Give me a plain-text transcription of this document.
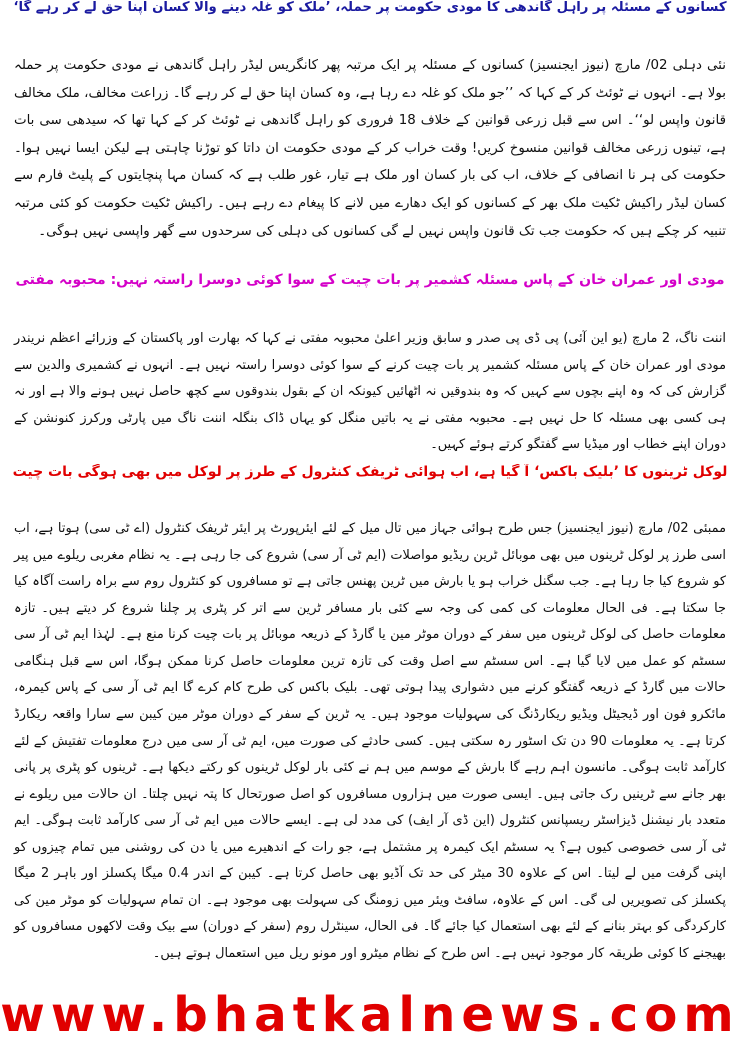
کسانوں کے مسئلہ پر راہل گاندھی کا مودی حکومت پر حملہ، ’ملک کو غلہ دینے والا کسان اپنا حق لے کر رہے گا‘

نئی دہلی 02/ مارچ (نیوز ایجنسیز) کسانوں کے مسئلہ پر ایک مرتبہ پھر کانگریس لیڈر راہل گاندھی نے مودی حکومت پر حملہ بولا ہے۔ انہوں نے ٹوئٹ کر کے کہا کہ ’’جو ملک کو غلہ دے رہا ہے، وہ کسان اپنا حق لے کر رہے گا۔ زراعت مخالف، ملک مخالف قانون واپس لو‘‘۔ اس سے قبل زرعی قوانین کے خلاف 18 فروری کو راہل گاندھی نے ٹوئٹ کر کے کہا تھا کہ سیدھی سی بات ہے، تینوں زرعی مخالف قوانین منسوخ کریں! وقت خراب کر کے مودی حکومت ان داتا کو توڑنا چاہتی ہے لیکن ایسا نہیں ہوا۔ حکومت کی ہر نا انصافی کے خلاف، اب کی بار کسان اور ملک ہے تیار، غور طلب ہے کہ کسان مہا پنچایتوں کے پلیٹ فارم سے کسان لیڈر راکیش ٹکیت ملک بھر کے کسانوں کو ایک دھارے میں لانے کا پیغام دے رہے ہیں۔ راکیش ٹکیت حکومت کو کئی مرتبہ تنبیہ کر چکے ہیں کہ حکومت جب تک قانون واپس نہیں لے گی کسانوں کی دہلی کی سرحدوں سے گھر واپسی نہیں ہوگی۔

مودی اور عمران خان کے پاس مسئلہ کشمیر پر بات چیت کے سوا کوئی دوسرا راستہ نہیں: محبوبہ مفتی

اننت ناگ، 2 مارچ (یو این آئی) پی ڈی پی صدر و سابق وزیر اعلیٰ محبوبہ مفتی نے کہا کہ بھارت اور پاکستان کے وزرائے اعظم نریندر مودی اور عمران خان کے پاس مسئلہ کشمیر پر بات چیت کرنے کے سوا کوئی دوسرا راستہ نہیں ہے۔ انہوں نے کشمیری والدین سے گزارش کی کہ وہ اپنے بچوں سے کہیں کہ وہ بندوقیں نہ اٹھائیں کیونکہ ان کے بقول بندوقوں سے کچھ حاصل نہیں ہونے والا ہے اور نہ ہی کسی بھی مسئلہ کا حل نہیں ہے۔ محبوبہ مفتی نے یہ باتیں منگل کو یہاں ڈاک بنگلہ اننت ناگ میں پارٹی ورکرز کنونشن کے دوران اپنے خطاب اور میڈیا سے گفتگو کرتے ہوئے کہیں۔

لوکل ٹرینوں کا ’بلیک باکس‘ آ گیا ہے، اب ہوائی ٹریفک کنٹرول کے طرز پر لوکل میں بھی ہوگی بات چیت

ممبئی 02/ مارچ (نیوز ایجنسیز) جس طرح ہوائی جہاز میں تال میل کے لئے ایئرپورٹ پر ایئر ٹریفک کنٹرول (اے ٹی سی) ہوتا ہے، اب اسی طرز پر لوکل ٹرینوں میں بھی موبائل ٹرین ریڈیو مواصلات (ایم ٹی آر سی) شروع کی جا رہی ہے۔ یہ نظام مغربی ریلوے میں پیر کو شروع کیا جا رہا ہے۔ جب سگنل خراب ہو یا بارش میں ٹرین پھنس جاتی ہے تو مسافروں کو کنٹرول روم سے براہ راست آگاہ کیا جا سکتا ہے۔ فی الحال معلومات کی کمی کی وجہ سے کئی بار مسافر ٹرین سے اتر کر پٹری پر چلنا شروع کر دیتے ہیں۔ تازہ معلومات حاصل کی لوکل ٹرینوں میں سفر کے دوران موٹر مین یا گارڈ کے ذریعہ موبائل پر بات چیت کرنا منع ہے۔ لہٰذا ایم ٹی آر سی سسٹم کو عمل میں لایا گیا ہے۔ اس سسٹم سے اصل وقت کی تازہ ترین معلومات حاصل کرنا ممکن ہوگا، اس سے قبل ہنگامی حالات میں گارڈ کے ذریعہ گفتگو کرنے میں دشواری پیدا ہوتی تھی۔ بلیک باکس کی طرح کام کرے گا ایم ٹی آر سی کے پاس کیمرہ، مائکرو فون اور ڈیجیٹل ویڈیو ریکارڈنگ کی سہولیات موجود ہیں۔ یہ ٹرین کے سفر کے دوران موٹر مین کیبن سے سارا واقعہ ریکارڈ کرتا ہے۔ یہ معلومات 90 دن تک اسٹور رہ سکتی ہیں۔ کسی حادثے کی صورت میں، ایم ٹی آر سی میں درج معلومات تفتیش کے لئے کارآمد ثابت ہوگی۔ مانسون اہم رہے گا بارش کے موسم میں ہم نے کئی بار لوکل ٹرینوں کو رکتے دیکھا ہے۔ ٹرینوں کو پٹری پر پانی بھر جانے سے ٹرینیں رک جاتی ہیں۔ ایسی صورت میں ہزاروں مسافروں کو اصل صورتحال کا پتہ نہیں چلتا۔ ان حالات میں ریلوے نے متعدد بار نیشنل ڈیزاسٹر ریسپانس کنٹرول (این ڈی آر ایف) کی مدد لی ہے۔ ایسے حالات میں ایم ٹی آر سی کارآمد ثابت ہوگی۔ ایم ٹی آر سی خصوصی کیوں ہے؟ یہ سسٹم ایک کیمرہ پر مشتمل ہے، جو رات کے اندھیرے میں یا دن کی روشنی میں تمام چیزوں کو اپنی گرفت میں لے لیتا۔ اس کے علاوہ 30 میٹر کی حد تک آڈیو بھی حاصل کرتا ہے۔ کیبن کے اندر 0.4 میگا پکسلز اور باہر 2 میگا پکسلز کی تصویریں لی گی۔ اس کے علاوہ، سافٹ ویئر میں زومنگ کی سہولت بھی موجود ہے۔ ان تمام سہولیات کو موٹر مین کی کارکردگی کو بہتر بنانے کے لئے بھی استعمال کیا جائے گا۔ فی الحال، سینٹرل روم (سفر کے دوران) سے بیک وقت لاکھوں مسافروں کو بھیجنے کا کوئی طریقہ کار موجود نہیں ہے۔ اس طرح کے نظام میٹرو اور مونو ریل میں استعمال ہوتے ہیں۔

www.bhatkalnews.com
